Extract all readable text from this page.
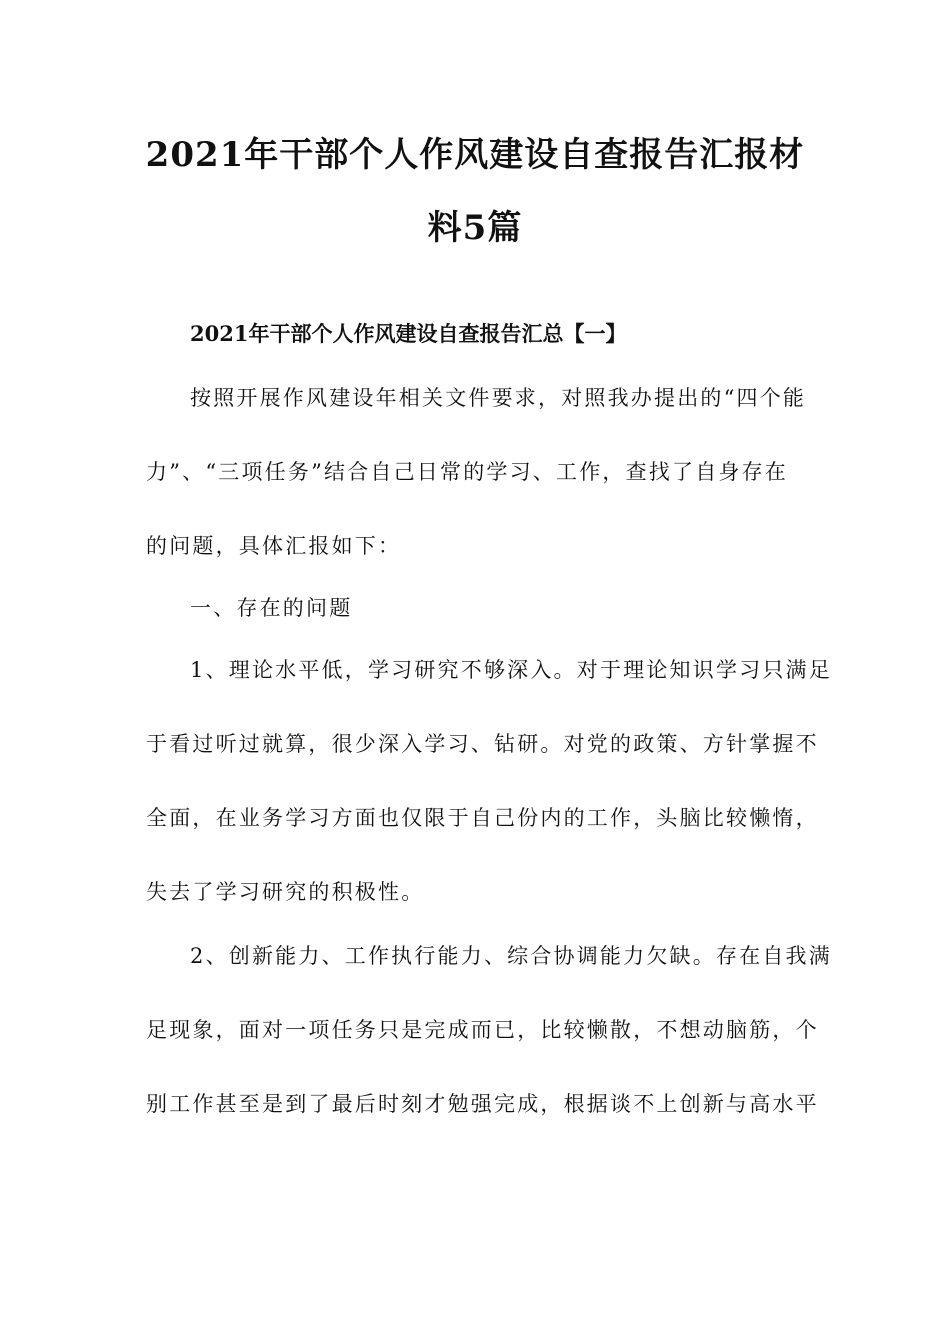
2021年干部个人作风建设自查报告汇报材
料5篇
2021年干部个人作风建设自查报告汇总【一】
按照开展作风建设年相关文件要求，对照我办提出的“四个能
力”、“三项任务”结合自己日常的学习、工作，查找了自身存在
的问题，具体汇报如下：
一、存在的问题
1、理论水平低，学习研究不够深入。对于理论知识学习只满足
于看过听过就算，很少深入学习、钻研。对党的政策、方针掌握不
全面，在业务学习方面也仅限于自己份内的工作，头脑比较懒惰，
失去了学习研究的积极性。
2、创新能力、工作执行能力、综合协调能力欠缺。存在自我满
足现象，面对一项任务只是完成而已，比较懒散，不想动脑筋，个
别工作甚至是到了最后时刻才勉强完成，根据谈不上创新与高水平
